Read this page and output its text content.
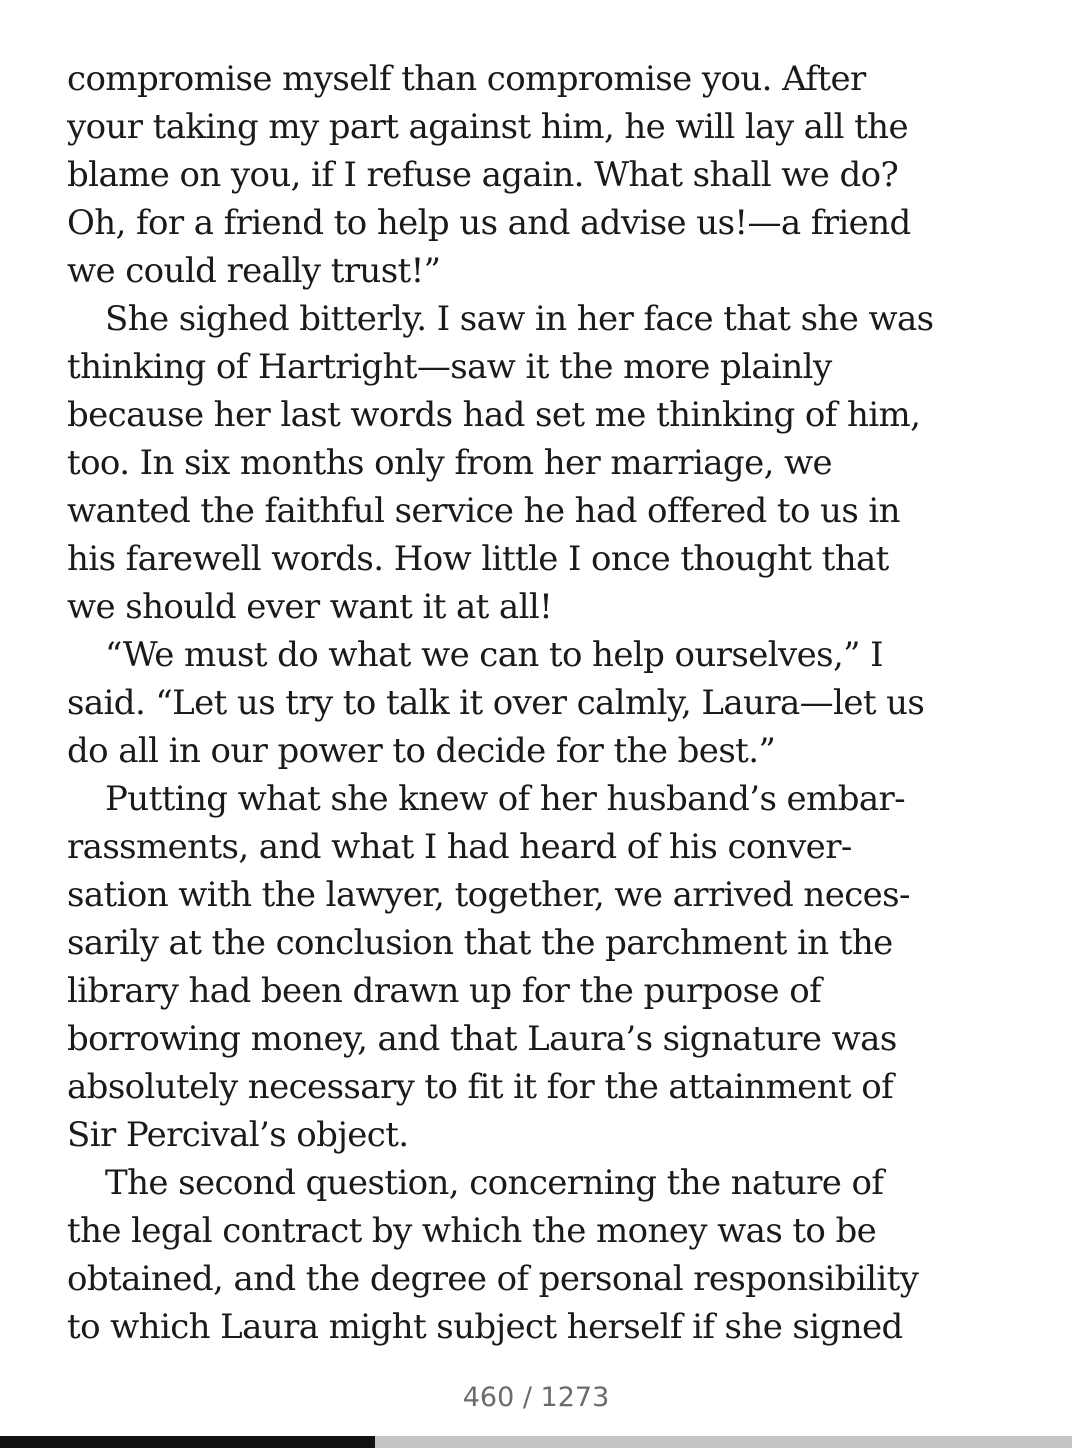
compromise myself than compromise you. After
your taking my part against him, he will lay all the
blame on you, if I refuse again. What shall we do?
Oh, for a friend to help us and advise us!—a friend
we could really trust!”
She sighed bitterly. I saw in her face that she was
thinking of Hartright—saw it the more plainly
because her last words had set me thinking of him,
too. In six months only from her marriage, we
wanted the faithful service he had offered to us in
his farewell words. How little I once thought that
we should ever want it at all!
“We must do what we can to help ourselves,” I
said. “Let us try to talk it over calmly, Laura—let us
do all in our power to decide for the best.”
Putting what she knew of her husband’s embar-
rassments, and what I had heard of his conver-
sation with the lawyer, together, we arrived neces-
sarily at the conclusion that the parchment in the
library had been drawn up for the purpose of
borrowing money, and that Laura’s signature was
absolutely necessary to fit it for the attainment of
Sir Percival’s object.
The second question, concerning the nature of
the legal contract by which the money was to be
obtained, and the degree of personal responsibility
to which Laura might subject herself if she signed
460 / 1273
